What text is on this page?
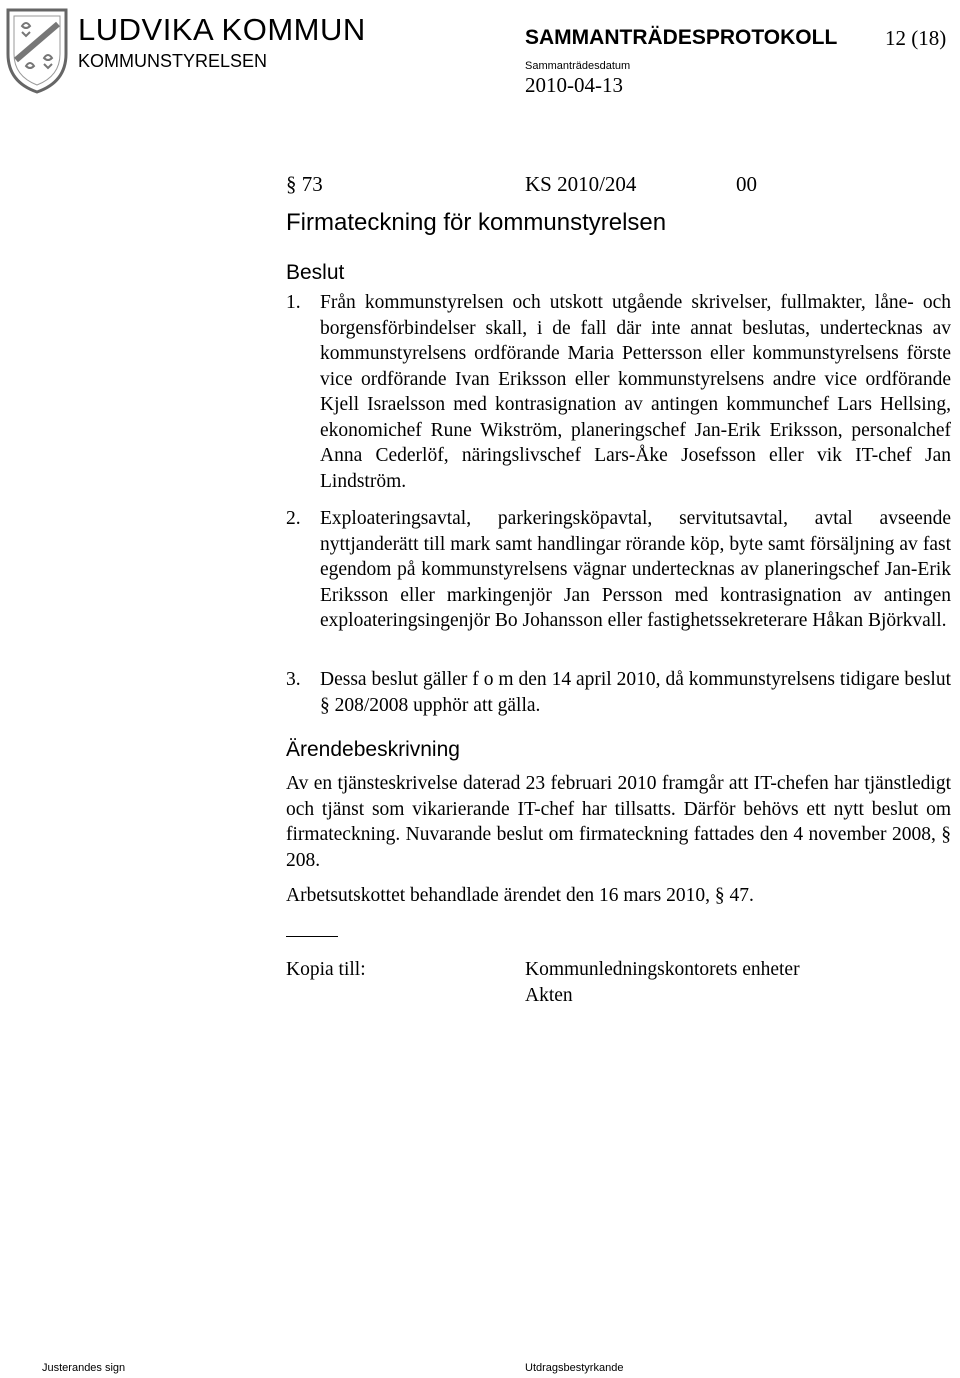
LUDVIKA KOMMUN
KOMMUNSTYRELSEN
SAMMANTRÄDESPROTOKOLL 12 (18)
Sammanträdesdatum
2010-04-13
§ 73	KS 2010/204	00
Firmateckning för kommunstyrelsen
Beslut
1. Från kommunstyrelsen och utskott utgående skrivelser, fullmakter, låne- och borgensförbindelser skall, i de fall där inte annat beslutas, undertecknas av kommunstyrelsens ordförande Maria Pettersson eller kommunstyrelsens förste vice ordförande Ivan Eriksson eller kommunstyrelsens andre vice ordförande Kjell Israelsson med kontrasignation av antingen kommunchef Lars Hellsing, ekonomichef Rune Wikström, planeringschef Jan-Erik Eriksson, personalchef Anna Cederlöf, näringslivschef Lars-Åke Josefsson eller vik IT-chef Jan Lindström.
2. Exploateringsavtal, parkeringsköpavtal, servitutsavtal, avtal avseende nyttjanderätt till mark samt handlingar rörande köp, byte samt försäljning av fast egendom på kommunstyrelsens vägnar undertecknas av planeringschef Jan-Erik Eriksson eller markingenjör Jan Persson med kontrasignation av antingen exploateringsingenjör Bo Johansson eller fastighetssekreterare Håkan Björkvall.
3. Dessa beslut gäller f o m den 14 april 2010, då kommunstyrelsens tidigare beslut § 208/2008 upphör att gälla.
Ärendebeskrivning
Av en tjänsteskrivelse daterad 23 februari 2010 framgår att IT-chefen har tjänstledigt och tjänst som vikarierande IT-chef har tillsatts. Därför behövs ett nytt beslut om firmateckning. Nuvarande beslut om firmateckning fattades den 4 november 2008, § 208.
Arbetsutskottet behandlade ärendet den 16 mars 2010, § 47.
Kopia till:	Kommunledningskontorets enheter
Akten
Justerandes sign	Utdragsbestyrkande
